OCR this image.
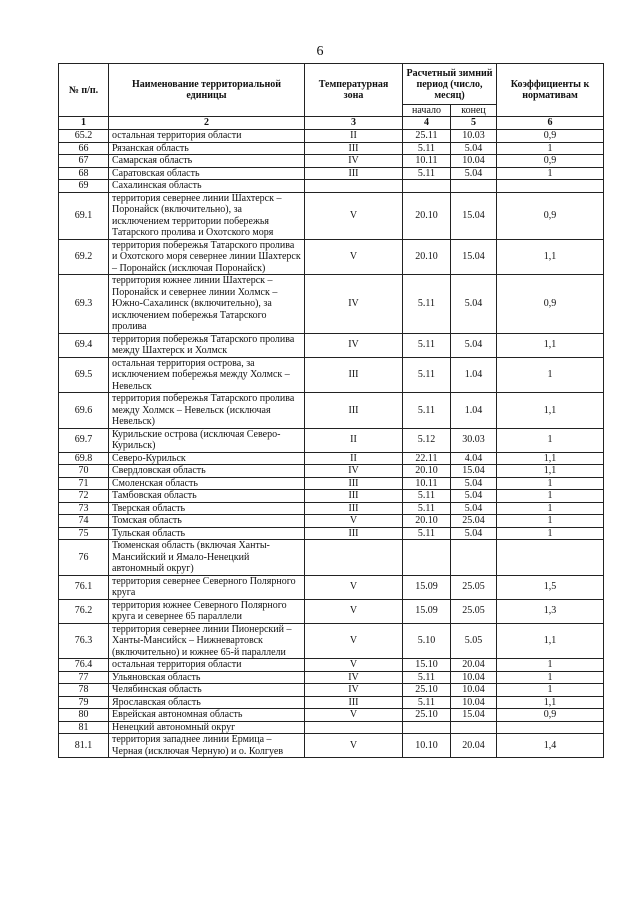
6
№ п/п.	Наименование территориальной единицы	Температурная зона	Расчетный зимний период (число, месяц)		Коэффициенты к нормативам
			начало	конец	
1	2	3	4	5	6
65.2	остальная территория области	II	25.11	10.03	0,9
66	Рязанская область	III	5.11	5.04	1
67	Самарская область	IV	10.11	10.04	0,9
68	Саратовская область	III	5.11	5.04	1
69	Сахалинская область				
69.1	территория севернее линии Шахтерск – Поронайск (включительно), за исключением территории побережья Татарского пролива и Охотского моря	V	20.10	15.04	0,9
69.2	территория побережья Татарского пролива и Охотского моря севернее линии Шахтерск – Поронайск (исключая Поронайск)	V	20.10	15.04	1,1
69.3	территория южнее линии Шахтерск – Поронайск и севернее линии Холмск – Южно-Сахалинск (включительно), за исключением побережья Татарского пролива	IV	5.11	5.04	0,9
69.4	территория побережья Татарского пролива между Шахтерск и Холмск	IV	5.11	5.04	1,1
69.5	остальная территория острова, за исключением побережья между Холмск – Невельск	III	5.11	1.04	1
69.6	территория побережья Татарского пролива между Холмск – Невельск (исключая Невельск)	III	5.11	1.04	1,1
69.7	Курильские острова (исключая Северо-Курильск)	II	5.12	30.03	1
69.8	Северо-Курильск	II	22.11	4.04	1,1
70	Свердловская область	IV	20.10	15.04	1,1
71	Смоленская область	III	10.11	5.04	1
72	Тамбовская область	III	5.11	5.04	1
73	Тверская область	III	5.11	5.04	1
74	Томская область	V	20.10	25.04	1
75	Тульская область	III	5.11	5.04	1
76	Тюменская область (включая Ханты-Мансийский и Ямало-Ненецкий автономный округ)				
76.1	территория севернее Северного Полярного круга	V	15.09	25.05	1,5
76.2	территория южнее Северного Полярного круга и севернее 65 параллели	V	15.09	25.05	1,3
76.3	территория севернее линии Пионерский – Ханты-Мансийск – Нижневартовск (включительно) и южнее 65-й параллели	V	5.10	5.05	1,1
76.4	остальная территория области	V	15.10	20.04	1
77	Ульяновская область	IV	5.11	10.04	1
78	Челябинская область	IV	25.10	10.04	1
79	Ярославская область	III	5.11	10.04	1,1
80	Еврейская автономная область	V	25.10	15.04	0,9
81	Ненецкий автономный округ				
81.1	территория западнее линии Ермица – Черная (исключая Черную) и о. Колгуев	V	10.10	20.04	1,4
